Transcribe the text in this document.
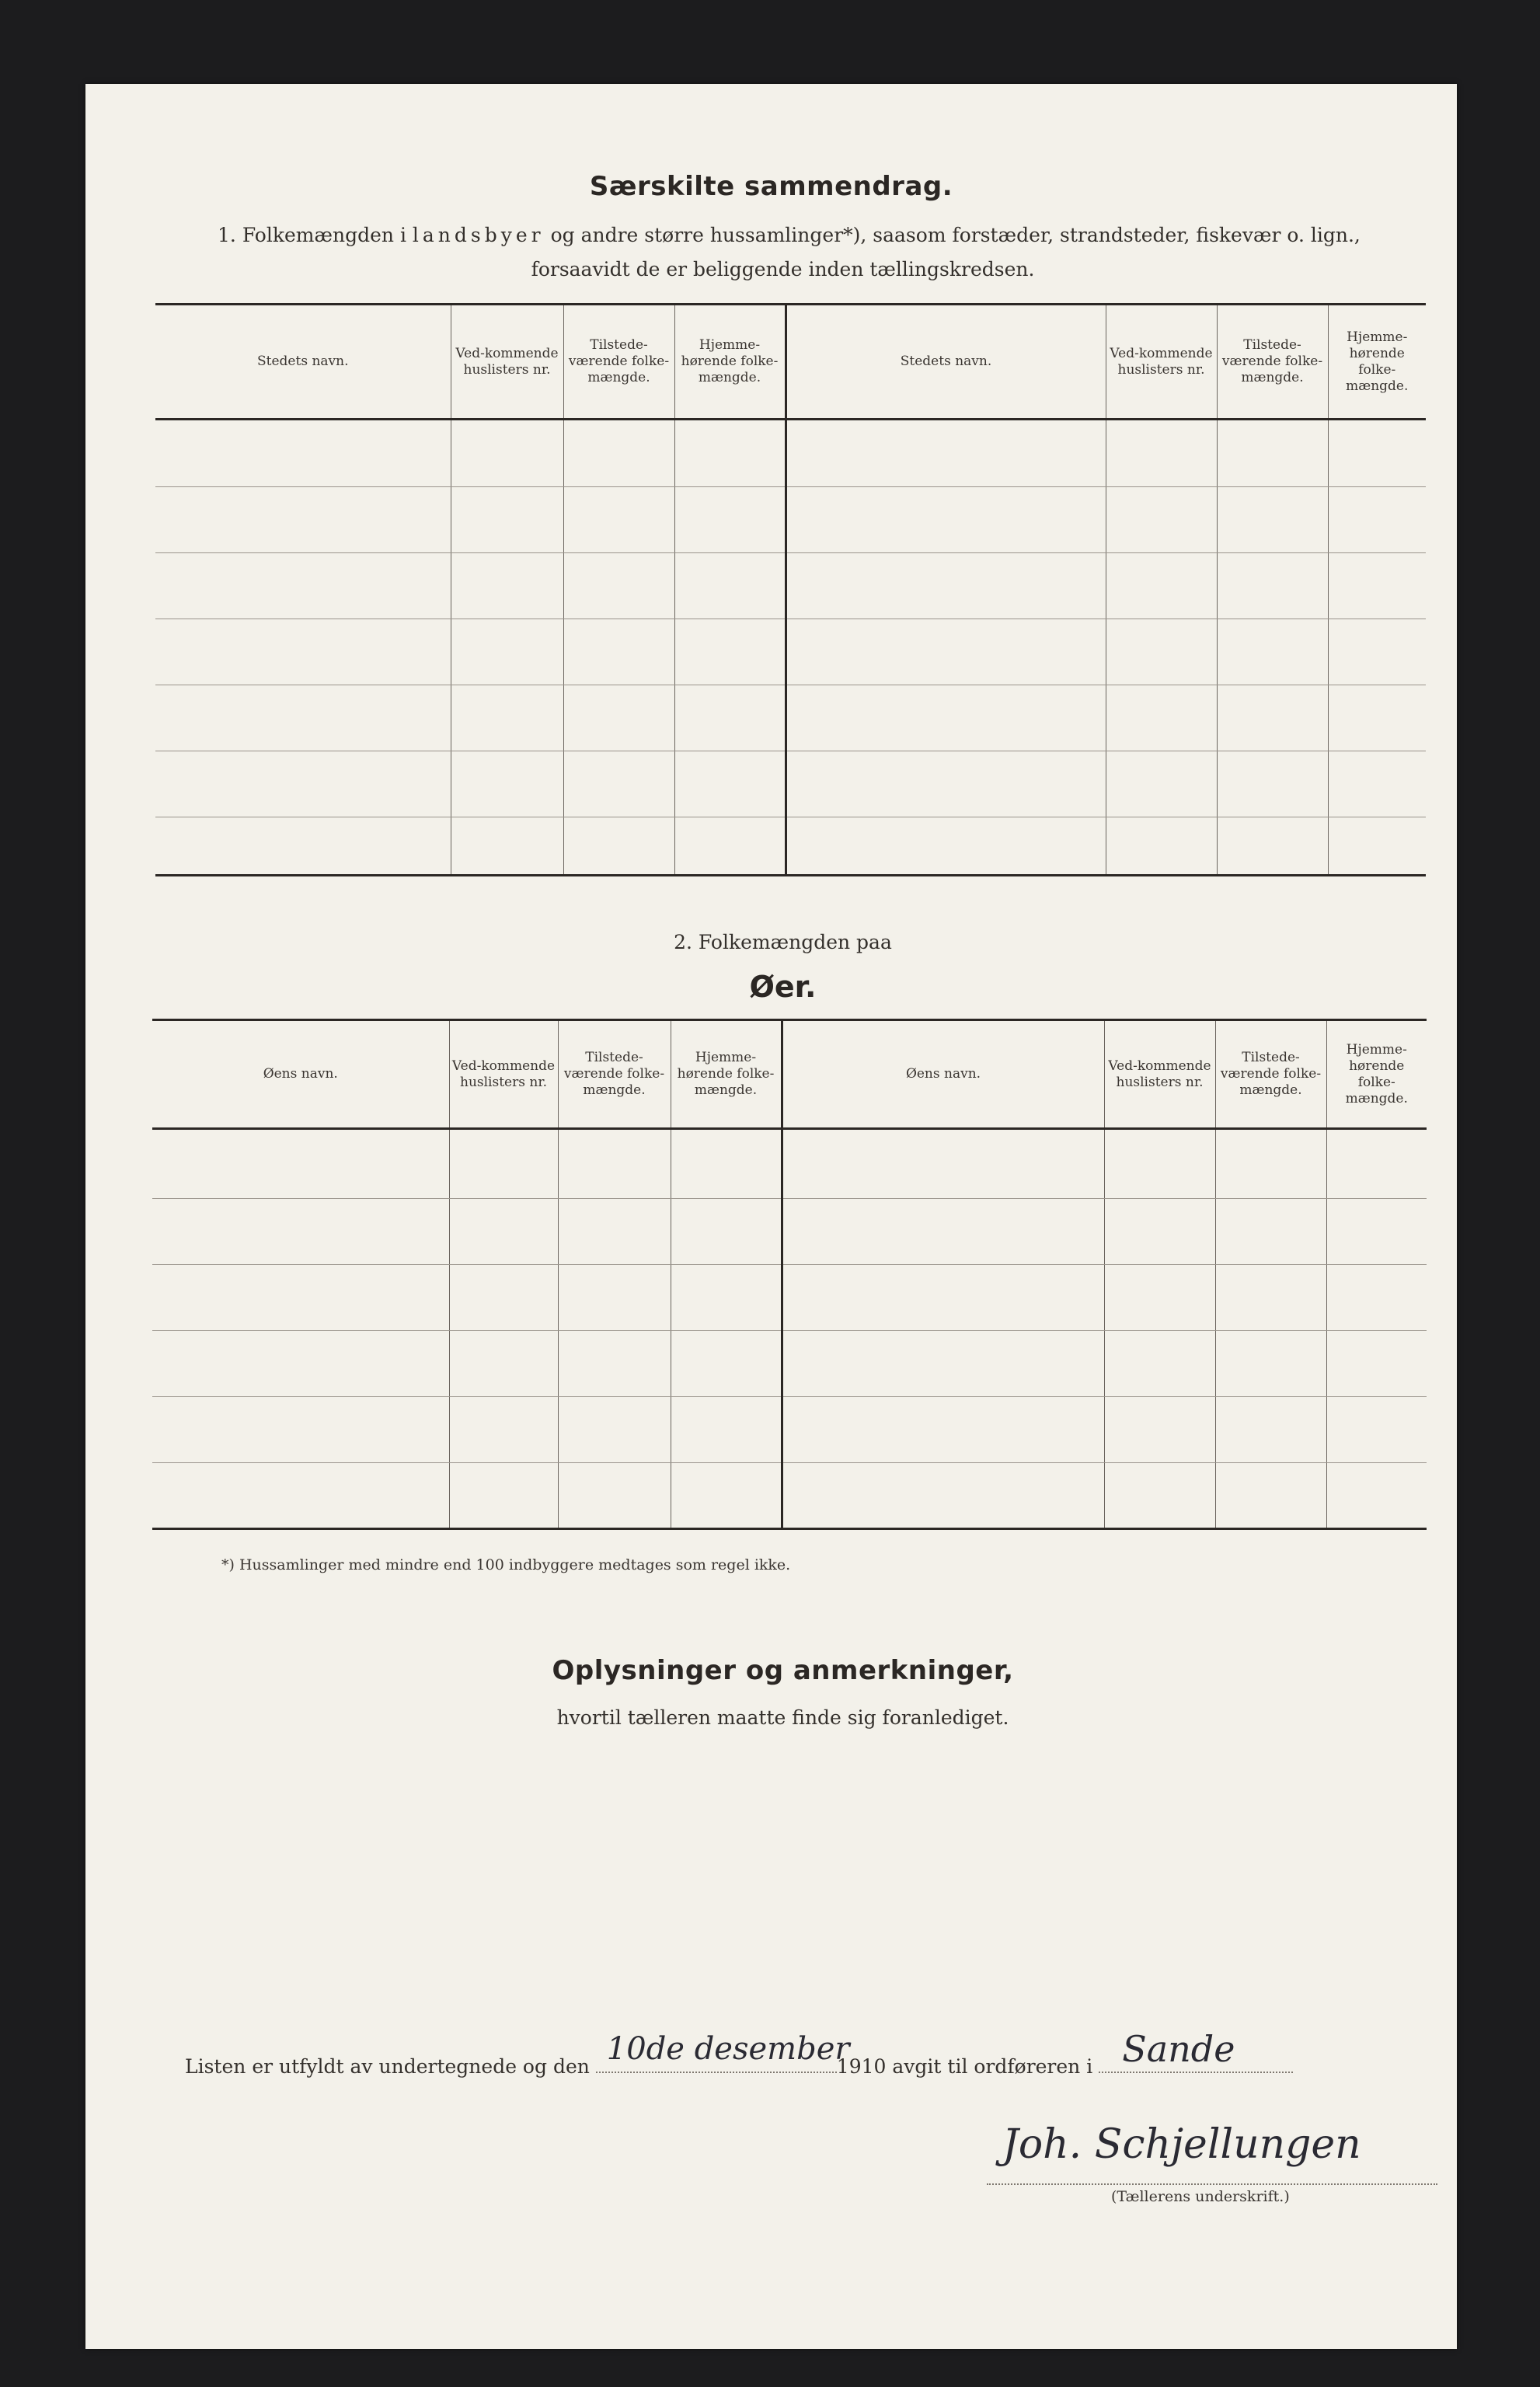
Særskilte sammendrag.
1. Folkemængden i landsbyer og andre større hussamlinger*), saasom forstæder, strandsteder, fiskevær o. lign.,
forsaavidt de er beliggende inden tællingskredsen.
Stedets navn.	Ved-kommende huslisters nr.	Tilstede-værende folke-mængde.	Hjemme-hørende folke-mængde.	Stedets navn.	Ved-kommende huslisters nr.	Tilstede-værende folke-mængde.	Hjemme-hørende folke-mængde.

2. Folkemængden paa
Øer.
Øens navn.	Ved-kommende huslisters nr.	Tilstede-værende folke-mængde.	Hjemme-hørende folke-mængde.	Øens navn.	Ved-kommende huslisters nr.	Tilstede-værende folke-mængde.	Hjemme-hørende folke-mængde.

*) Hussamlinger med mindre end 100 indbyggere medtages som regel ikke.
Oplysninger og anmerkninger,
hvortil tælleren maatte finde sig foranlediget.
Listen er utfyldt av undertegnede og den 10de desember
1910 avgit til ordføreren i Sande
Joh. Schjellungen
(Tællerens underskrift.)
